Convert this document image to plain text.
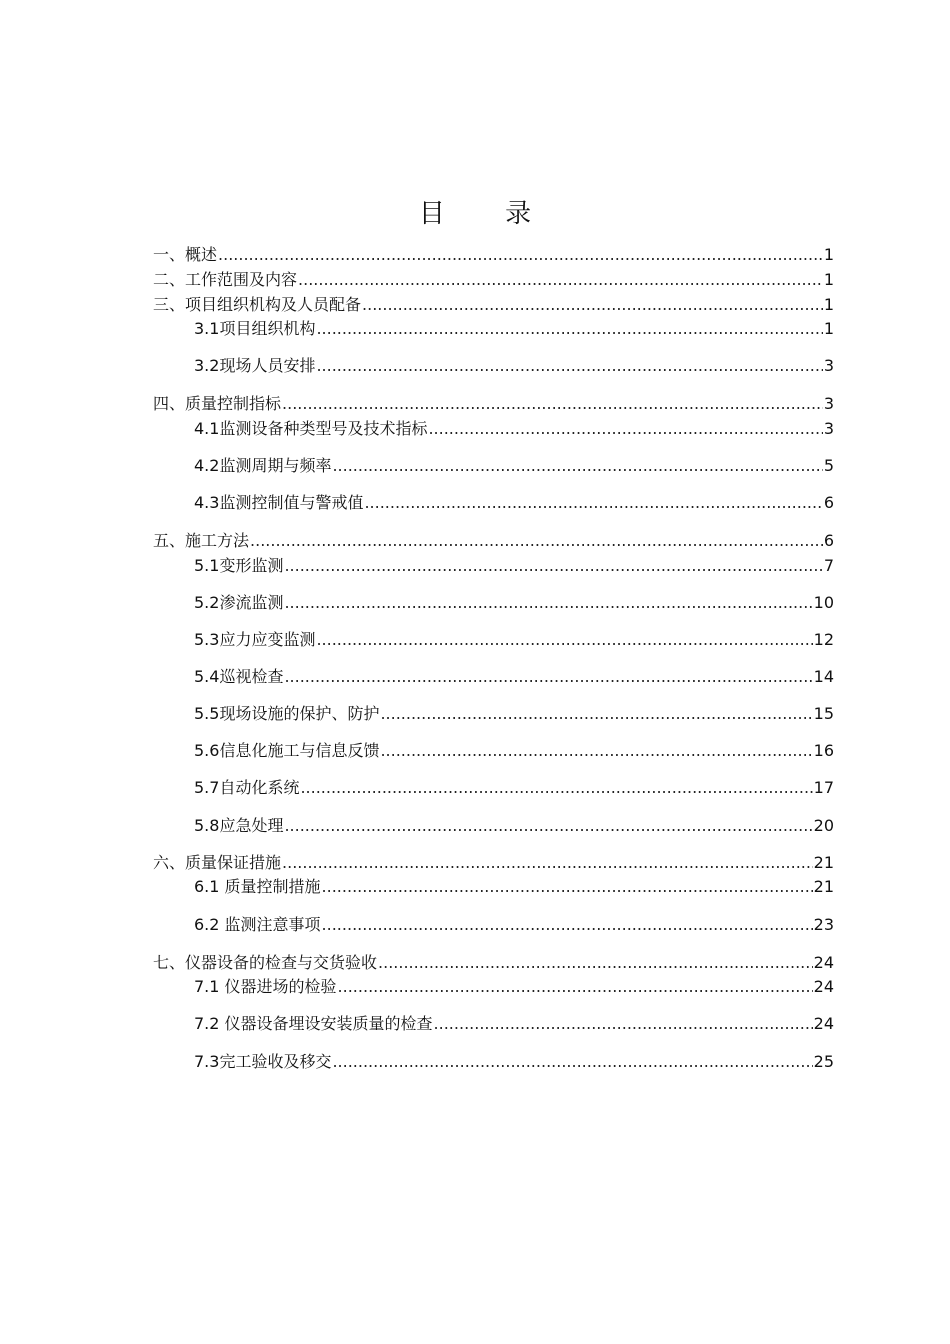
目 录
一、概述 .....	1
二、工作范围及内容 .....	1
三、项目组织机构及人员配备 .....	1
3.1项目组织机构 .....	1
3.2现场人员安排 .....	3
四、质量控制指标 .....	3
4.1监测设备种类型号及技术指标 .....	3
4.2监测周期与频率 .....	5
4.3监测控制值与警戒值 .....	6
五、施工方法 .....	6
5.1变形监测 .....	7
5.2渗流监测 .....	10
5.3应力应变监测 .....	12
5.4巡视检查 .....	14
5.5现场设施的保护、防护 .....	15
5.6信息化施工与信息反馈 .....	16
5.7自动化系统 .....	17
5.8应急处理 .....	20
六、质量保证措施 .....	21
6.1 质量控制措施 .....	21
6.2 监测注意事项 .....	23
七、仪器设备的检查与交货验收 .....	24
7.1 仪器进场的检验 .....	24
7.2 仪器设备埋设安装质量的检查 .....	24
7.3完工验收及移交 .....	25
